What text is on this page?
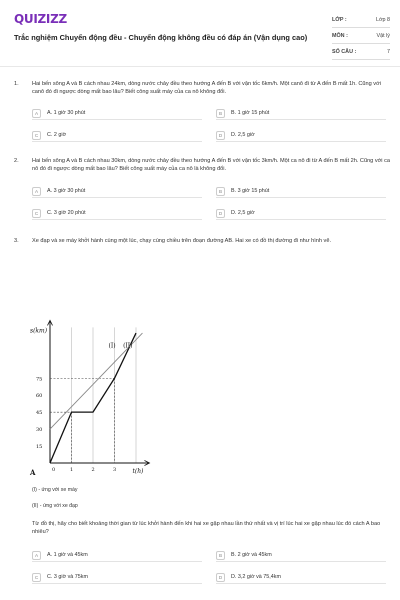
QUIZIZZ
Trắc nghiệm Chuyển động đều - Chuyển động không đều có đáp án (Vận dụng cao)
LỚP :	Lớp 8
MÔN :	Vật lý
SỐ CÂU :	7
1.	Hai bến sông A và B cách nhau 24km, dòng nước chảy đều theo hướng A đến B với vận tốc 6km/h. Một canô đi từ A đến B mất 1h. Cũng với canô đó đi ngược dòng mất bao lâu? Biết công suất máy của ca nô không đổi.
A	A. 1 giờ 30 phút	B	B. 1 giờ 15 phút
C	C. 2 giờ	D	D. 2,5 giờ
2.	Hai bến sông A và B cách nhau 30km, dòng nước chảy đều theo hướng A đến B với vận tốc 3km/h. Một ca nô đi từ A đến B mất 2h. Cũng với ca nô đó đi ngược dòng mất bao lâu? Biết công suất máy của ca nô là không đổi.
A	A. 3 giờ 30 phút	B	B. 3 giờ 15 phút
C	C. 3 giờ 20 phút	D	D. 2,5 giờ
3.	Xe đạp và xe máy khởi hành cùng một lúc, chạy cùng chiều trên đoạn đường AB. Hai xe có đồ thị đường đi như hình vẽ.
(I) (II)
15
30
45
60
75
1	2	3
0
A
s(km)
t(h)
(I) - ứng với xe máy
(II) - ứng với xe đạp
Từ đồ thị, hãy cho biết khoảng thời gian từ lúc khởi hành đến khi hai xe gặp nhau lần thứ nhất và vị trí lúc hai xe gặp nhau lúc đó cách A bao nhiêu?
A	A. 1 giờ và 45km	B	B. 2 giờ và 45km
C	C. 3 giờ và 75km	D	D. 3,2 giờ và 75,4km
